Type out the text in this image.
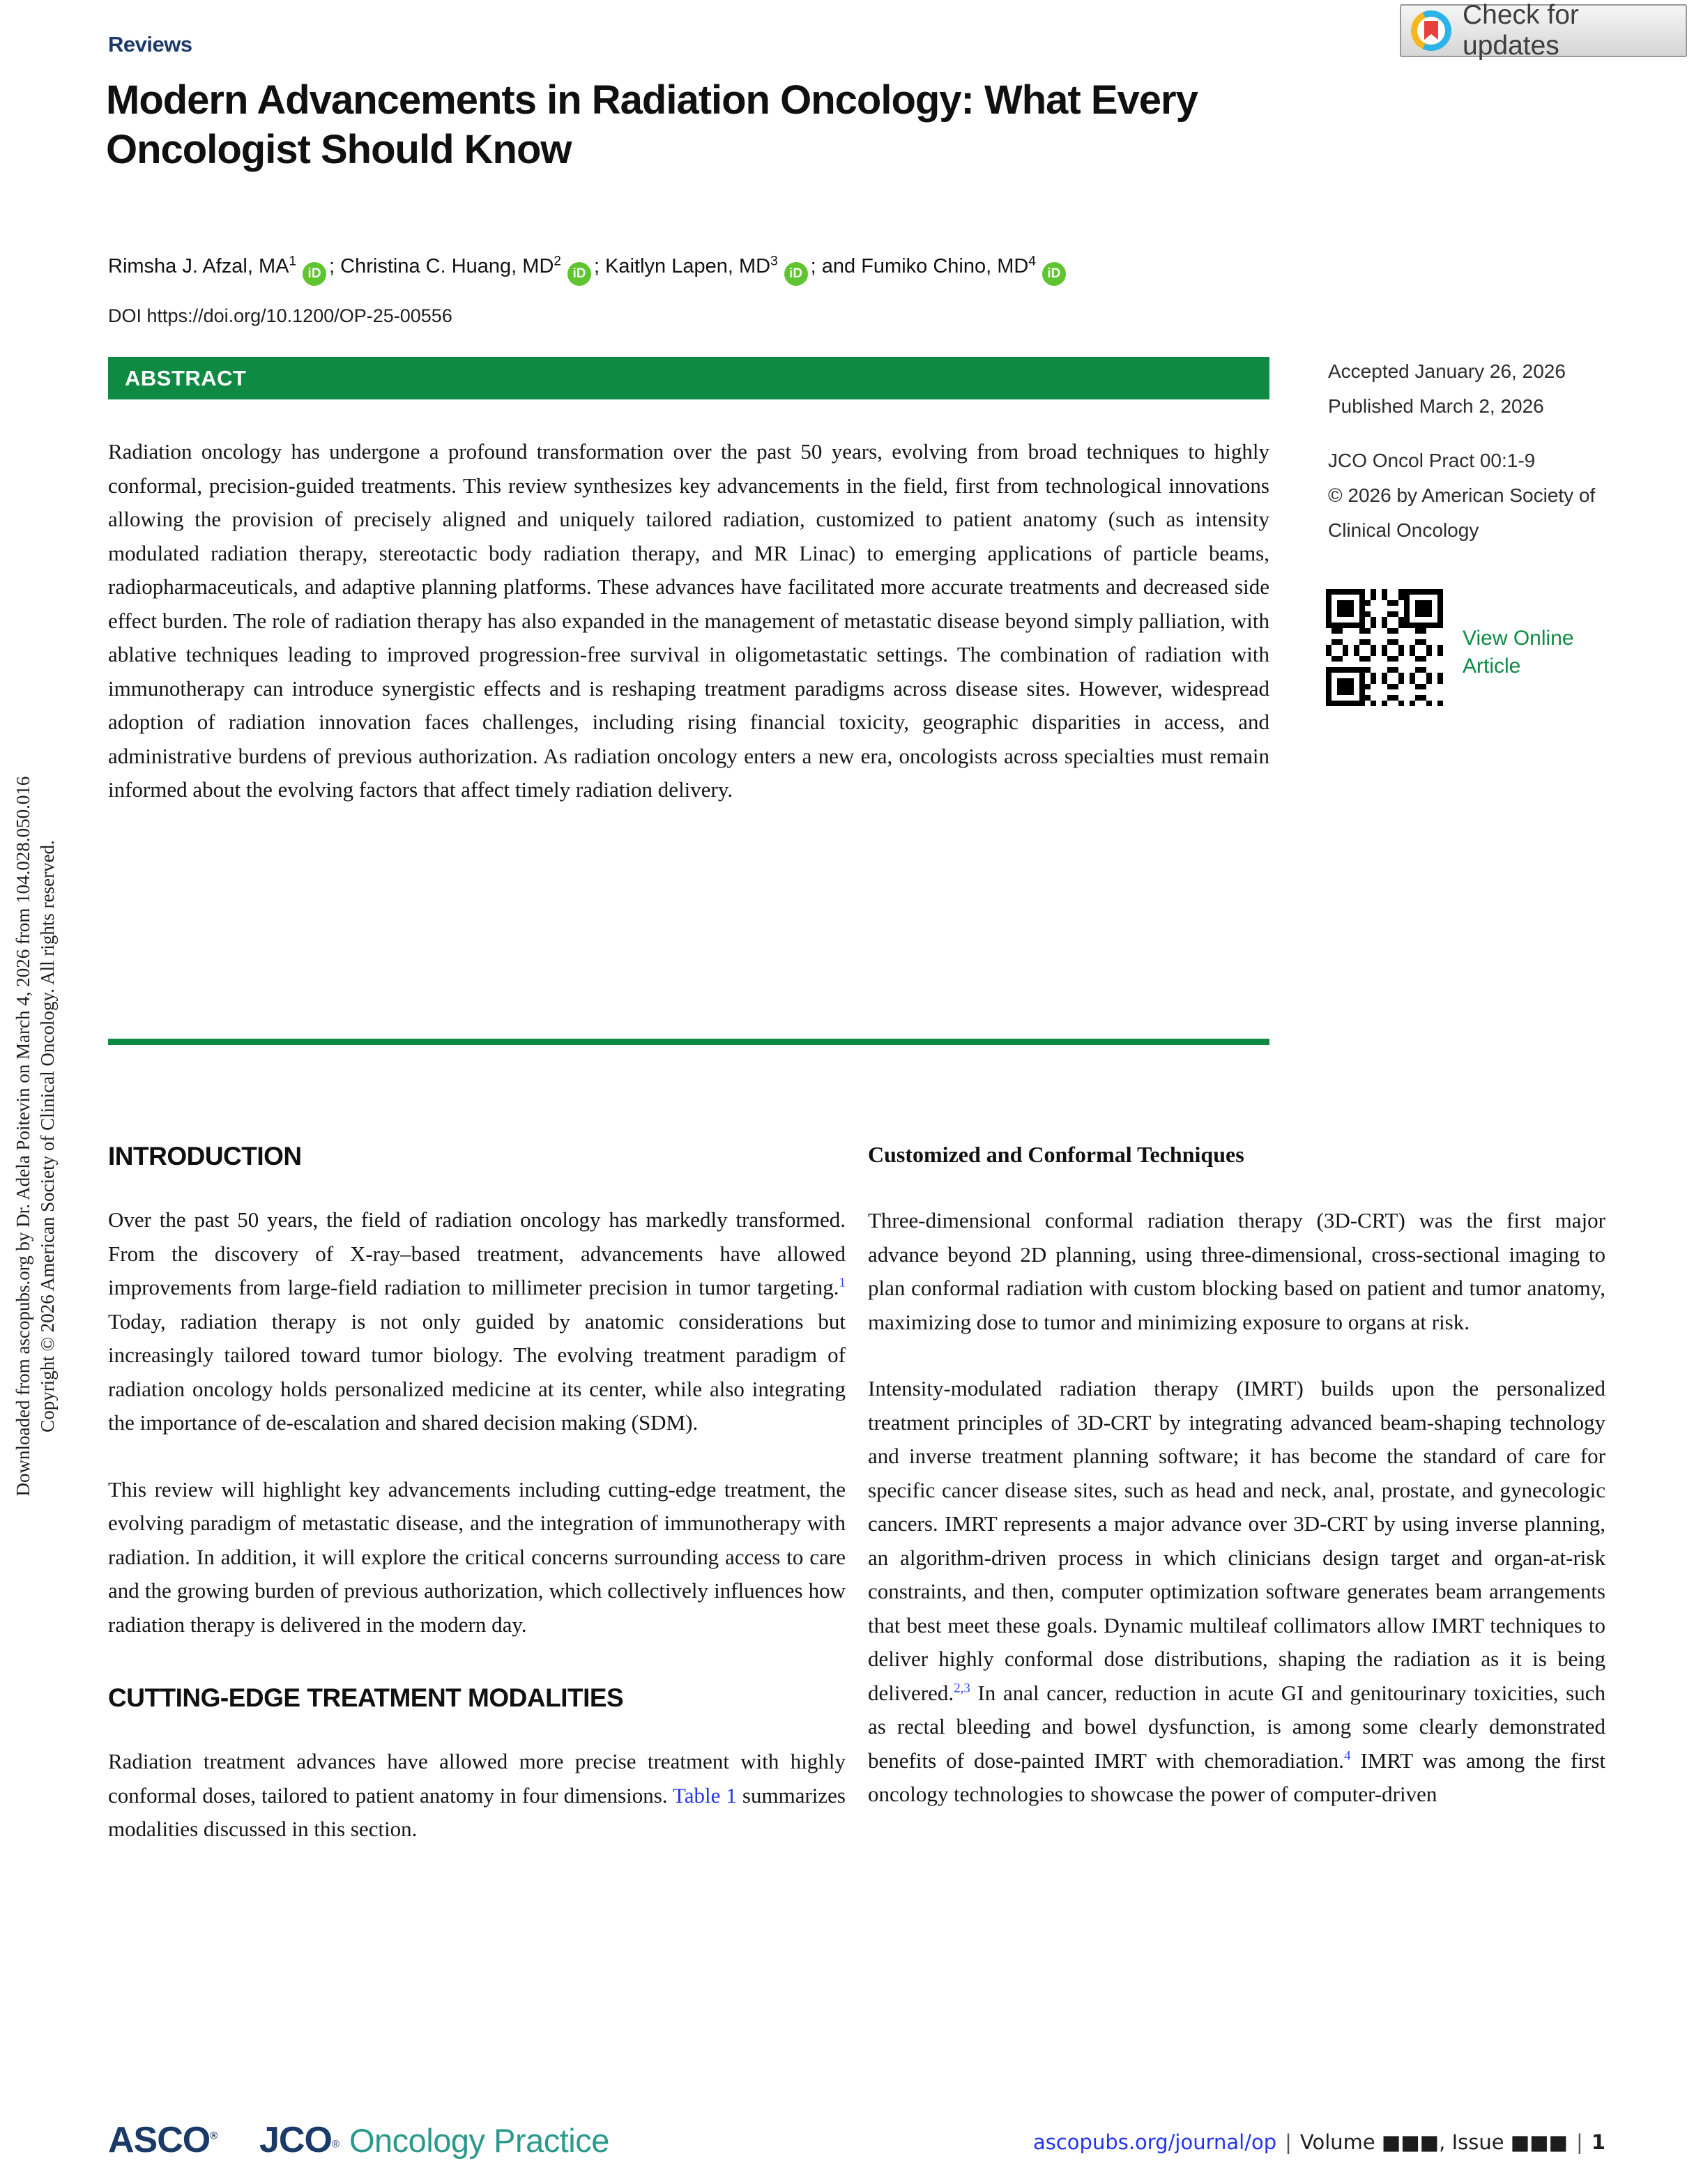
Downloaded from ascopubs.org by Dr. Adela Poitevin on March 4, 2026 from 104.028.050.016 Copyright © 2026 American Society of Clinical Oncology. All rights reserved.
Reviews
Check for updates
Modern Advancements in Radiation Oncology: What Every Oncologist Should Know
Rimsha J. Afzal, $MA^1iD$ ; Christina C. Huang, $MD^2iD$ ; Kaitlyn Lapen, $MD^3iD$ ; and Fumiko Chino, $MD^4iD$
DOI https://doi.org/10.1200/OP-25-00556
ABSTRACT

Radiation oncology has undergone a profound transformation over the past 50 years, evolving from broad techniques to highly conformal, precision-guided treatments. This review synthesizes key advancements in the field, first from technological innovations allowing the provision of precisely aligned and uniquely tailored radiation, customized to patient anatomy (such as intensity modulated radiation therapy, stereotactic body radiation therapy, and MR Linac) to emerging applications of particle beams, radiopharmaceuticals, and adaptive planning platforms. These advances have facilitated more accurate treatments and decreased side effect burden. The role of radiation therapy has also expanded in the management of metastatic disease beyond simply palliation, with ablative techniques leading to improved progression-free survival in oligometastatic settings. The combination of radiation with immunotherapy can introduce synergistic effects and is reshaping treatment paradigms across disease sites. However, widespread adoption of radiation innovation faces challenges, including rising financial toxicity, geographic disparities in access, and administrative burdens of previous authorization. As radiation oncology enters a new era, oncologists across specialties must remain informed about the evolving factors that affect timely radiation delivery.

Accepted January 26, 2026
Published March 2, 2026
JCO Oncol Pract 00:1-9
© 2026 by American Society of Clinical Oncology
View Online
Article
INTRODUCTION

Over the past 50 years, the field of radiation oncology has markedly transformed. From the discovery of X-ray–based treatment, advancements have allowed improvements from large-field radiation to millimeter precision in tumor targeting.$^1$ Today, radiation therapy is not only guided by anatomic considerations but increasingly tailored toward tumor biology. The evolving treatment paradigm of radiation oncology holds personalized medicine at its center, while also integrating the importance of de-escalation and shared decision making (SDM).

This review will highlight key advancements including cutting-edge treatment, the evolving paradigm of metastatic disease, and the integration of immunotherapy with radiation. In addition, it will explore the critical concerns surrounding access to care and the growing burden of previous authorization, which collectively influences how radiation therapy is delivered in the modern day.

CUTTING-EDGE TREATMENT MODALITIES

Radiation treatment advances have allowed more precise treatment with highly conformal doses, tailored to patient anatomy in four dimensions. Table 1 summarizes modalities discussed in this section.

Customized and Conformal Techniques

Three-dimensional conformal radiation therapy (3D-CRT) was the first major advance beyond 2D planning, using three-dimensional, cross-sectional imaging to plan conformal radiation with custom blocking based on patient and tumor anatomy, maximizing dose to tumor and minimizing exposure to organs at risk.

Intensity-modulated radiation therapy (IMRT) builds upon the personalized treatment principles of 3D-CRT by integrating advanced beam-shaping technology and inverse treatment planning software; it has become the standard of care for specific cancer disease sites, such as head and neck, anal, prostate, and gynecologic cancers. IMRT represents a major advance over 3D-CRT by using inverse planning, an algorithm-driven process in which clinicians design target and organ-at-risk constraints, and then, computer optimization software generates beam arrangements that best meet these goals. Dynamic multileaf collimators allow IMRT techniques to deliver highly conformal dose distributions, shaping the radiation as it is being delivered.$^{2,3}$ In anal cancer, reduction in acute GI and genitourinary toxicities, such as rectal bleeding and bowel dysfunction, is among some clearly demonstrated benefits of dose-painted IMRT with chemoradiation.$^4$ IMRT was among the first oncology technologies to showcase the power of computer-driven

ASCO® JCO® Oncology Practice	ascopubs.org/journal/op | Volume ■■■, Issue ■■■ | 1
